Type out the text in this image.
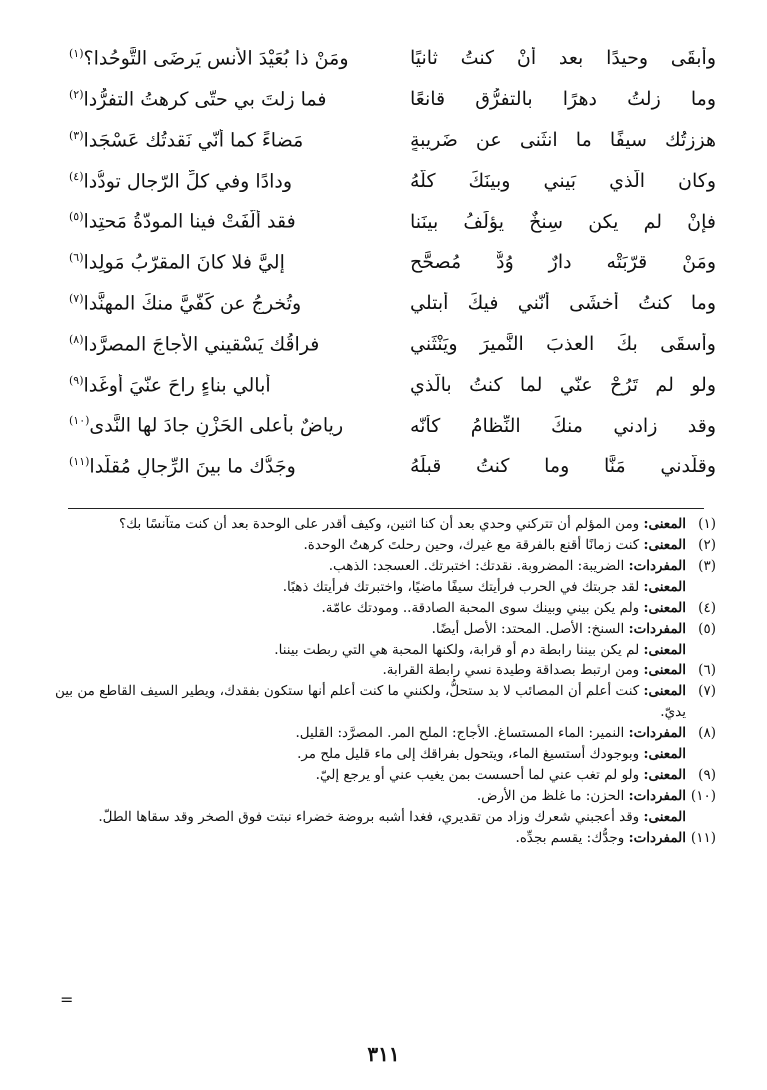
وأبقَى وحيدًا بعد أنْ كنتُ ثانيًا
ومَنْ ذا بُعَيْدَ الأنسِ يَرضَى التَّوحُدا؟$^{(١)}$
وما زلتُ دهرًا بالتفرُّقِ قانعًا
فما زلتَ بي حتّى كرهتُ التفرُّدا$^{(٢)}$
هززتُك سيفًا ما انثَنى عن ضَريبةٍ
مَضاءً كما أنّي نَقدتُك عَسْجَدا$^{(٣)}$
وكان الّذي بَيني وبينَكَ كلُّهُ
ودادًا وفي كلِّ الرّجالِ تودُّدا$^{(٤)}$
فإنْ لم يكن سِنخٌ يؤلِّفُ بينَنا
فقد ألَّفَتْ فينا المودّةُ مَحتِدا$^{(٥)}$
ومَنْ قرّبَتْه دارٌ وُدٌّ مُصحَّحٍ
إليَّ فلا كانَ المقرّبُ مَولِدا$^{(٦)}$
وما كنتُ أخشَى أنّني فيكَ أبتلي
وتُخرِجُ عن كَفّيَّ منكَ المهنَّدا$^{(٧)}$
وأُسقَى بكَ العذبَ النَّميرَ ويَنْثَني
فراقُك يَسْقيني الأُجاجَ المصرَّدا$^{(٨)}$
ولو لم تَرُحْ عنّي لما كنتُ بالّذي
أُبالي بناءٍ راحَ عنّيَ أوغَدا$^{(٩)}$
وقد زادني منكَ النِّظامُ كأنّه
رياضٌ بأعلى الحَزْنِ جادَ لها النَّدى$^{(١٠)}$
وقلَّدني مَنًّا وما كنتُ قبلَهُ
وجَدُّك ما بينَ الرِّجالِ مُقلَّدا$^{(١١)}$
(١)
المعنى: ومن المؤلم أن تتركني وحدي بعد أن كنا اثنين، وكيف أقدر على الوحدة بعد أن كنت متآنسًا بك؟
(٢)
المعنى: كنت زمانًا أقنع بالفرقة مع غيرك، وحين رحلتَ كرهتُ الوحدة.
(٣)
المفردات: الضريبة: المضروبة. نقدتك: اختبرتك. العسجد: الذهب.
المعنى: لقد جربتك في الحرب فرأيتك سيفًا ماضيًا، واختبرتك فرأيتك ذهبًا.
(٤)
المعنى: ولم يكن بيني وبينك سوى المحبة الصادقة.. ومودتك عامّة.
(٥)
المفردات: السنخ: الأصل. المحتد: الأصل أيضًا.
المعنى: لم يكن بيننا رابطة دم أو قرابة، ولكنها المحبة هي التي ربطت بيننا.
(٦)
المعنى: ومن ارتبط بصداقة وطيدة نسي رابطة القرابة.
(٧)
المعنى: كنت أعلم أن المصائب لا بد ستحلُّ، ولكنني ما كنت أعلم أنها ستكون بفقدك، ويطير السيف القاطع من بين يديّ.
(٨)
المفردات: النمير: الماء المستساغ. الأجاج: الملح المر. المصرَّد: القليل.
المعنى: وبوجودك أستسيغ الماء، ويتحول بفراقك إلى ماء قليل ملح مر.
(٩)
المعنى: ولو لم تغب عني لما أحسست بمن يغيب عني أو يرجع إليّ.
(١٠)
المفردات: الحزن: ما غلظ من الأرض.
المعنى: وقد أعجبني شعرك وزاد من تقديري، فغدا أشبه بروضة خضراء نبتت فوق الصخر وقد سقاها الطلّ.
(١١)
المفردات: وجدُّك: يقسم بجدِّه.
=
٣١١
